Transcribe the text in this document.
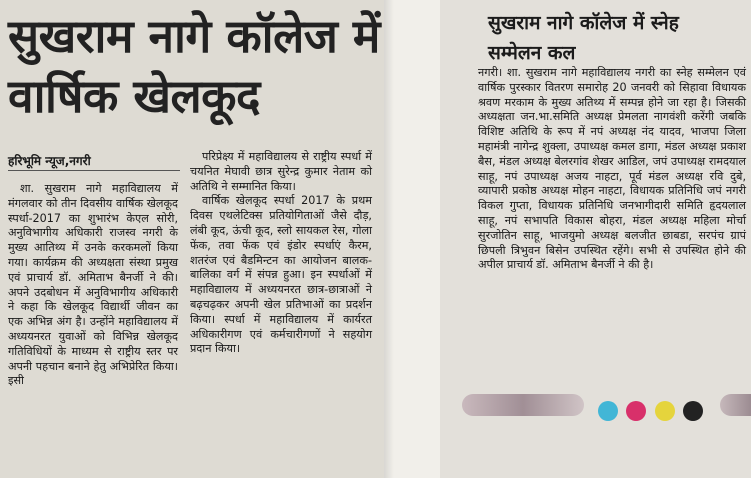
सुखराम नागे कॉलेज में वार्षिक खेलकूद
हरिभूमि न्यूज,नगरी

शा. सुखराम नागे महाविद्यालय में मंगलवार को तीन दिवसीय वार्षिक खेलकूद स्पर्धा-2017 का शुभारंभ केएल सोरी, अनुविभागीय अधिकारी राजस्व नगरी के मुख्य आतिथ्य में उनके करकमलों किया गया। कार्यक्रम की अध्यक्षता संस्था प्रमुख एवं प्राचार्य डॉ. अमिताभ बैनर्जी ने की। अपने उदबोधन में अनुविभागीय अधिकारी ने कहा कि खेलकूद विद्यार्थी जीवन का एक अभिन्न अंग है। उन्होंने महाविद्यालय में अध्ययनरत युवाओं को विभिन्न खेलकूद गतिविधियों के माध्यम से राष्ट्रीय स्तर पर अपनी पहचान बनाने हेतु अभिप्रेरित किया। इसी

परिप्रेक्ष्य में महाविद्यालय से राष्ट्रीय स्पर्धा में चयनित मेघावी छात्र सुरेन्द्र कुमार नेताम को अतिथि ने सम्मानित किया।

वार्षिक खेलकूद स्पर्धा 2017 के प्रथम दिवस एथलेटिक्स प्रतियोगिताओं जैसे दौड़, लंबी कूद, ऊंची कूद, स्लो सायकल रेस, गोला फेंक, तवा फेंक एवं इंडोर स्पर्धाएं कैरम, शतरंज एवं बैडमिन्टन का आयोजन बालक-बालिका वर्ग में संपन्न हुआ। इन स्पर्धाओं में महाविद्यालय में अध्ययनरत छात्र-छात्राओं ने बढ़चढ़कर अपनी खेल प्रतिभाओं का प्रदर्शन किया। स्पर्धा में महाविद्यालय में कार्यरत अधिकारीगण एवं कर्मचारीगणों ने सहयोग प्रदान किया।

सुखराम नागे कॉलेज में स्नेह सम्मेलन कल

नगरी। शा. सुखराम नागे महाविद्यालय नगरी का स्नेह सम्मेलन एवं वार्षिक पुरस्कार वितरण समारोह 20 जनवरी को सिहावा विधायक श्रवण मरकाम के मुख्य अतिथ्य में सम्पन्न होने जा रहा है। जिसकी अध्यक्षता जन.भा.समिति अध्यक्ष प्रेमलता नागवंशी करेंगी जबकि विशिष्ट अतिथि के रूप में नपं अध्यक्ष नंद यादव, भाजपा जिला महामंत्री नागेन्द्र शुक्ला, उपाध्यक्ष कमल डागा, मंडल अध्यक्ष प्रकाश बैस, मंडल अध्यक्ष बेलरगांव शेखर आडिल, जपं उपाध्यक्ष रामदयाल साहू, नपं उपाध्यक्ष अजय नाहटा, पूर्व मंडल अध्यक्ष रवि दुबे, व्यापारी प्रकोष्ठ अध्यक्ष मोहन नाहटा, विधायक प्रतिनिधि जपं नगरी विकल गुप्ता, विधायक प्रतिनिधि जनभागीदारी समिति हृदयलाल साहू, नपं सभापति विकास बोहरा, मंडल अध्यक्ष महिला मोर्चा सुरजोतिन साहू, भाजयुमो अध्यक्ष बलजीत छाबडा, सरपंच ग्रापं छिपली त्रिभुवन बिसेन उपस्थित रहेंगे। सभी से उपस्थित होने की अपील प्राचार्य डॉ. अमिताभ बैनर्जी ने की है।
